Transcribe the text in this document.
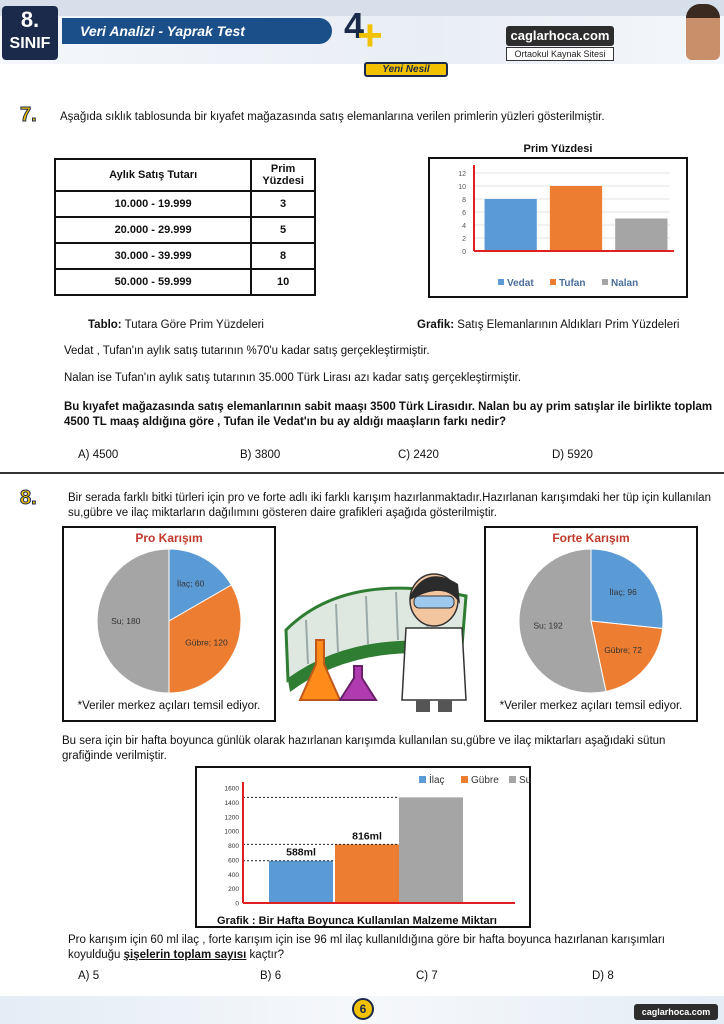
8.
SINIF
Veri Analizi - Yaprak Test	4
+
Yeni Nesil
caglarhoca.com
Ortaokul Kaynak Sitesi
7. Aşağıda sıklık tablosunda bir kıyafet mağazasında satış elemanlarına verilen primlerin yüzleri gösterilmiştir.
Aylık Satış Tutarı	Prim Yüzdesi
10.000 - 19.999	3
20.000 - 29.999	5
30.000 - 39.999	8
50.000 - 59.999	10
Prim Yüzdesi
0
2
4
6
8
10
12
Vedat	Tufan	Nalan
Tablo: Tutara Göre Prim Yüzdeleri	Grafik: Satış Elemanlarının Aldıkları Prim Yüzdeleri
Vedat , Tufan'ın aylık satış tutarının %70'u kadar satış gerçekleştirmiştir.
Nalan ise Tufan'ın aylık satış tutarının 35.000 Türk Lirası azı kadar satış gerçekleştirmiştir.
Bu kıyafet mağazasında satış elemanlarının sabit maaşı 3500 Türk Lirasıdır. Nalan bu ay prim satışlar ile birlikte toplam 4500 TL maaş aldığına göre , Tufan ile Vedat'ın bu ay aldığı maaşların farkı nedir?
A) 4500	B) 3800	C) 2420	D) 5920
8.	Bir serada farklı bitki türleri için pro ve forte adlı iki farklı karışım hazırlanmaktadır.Hazırlanan karışımdaki her tüp için kullanılan su,gübre ve ilaç miktarların dağılımını gösteren daire grafikleri aşağıda gösterilmiştir.
Pro Karışım
İlaç; 60
Gübre; 120
Su; 180
*Veriler merkez açıları temsil ediyor.
Forte Karışım
İlaç; 96
Gübre; 72
Su; 192
*Veriler merkez açıları temsil ediyor.
Bu sera için bir hafta boyunca günlük olarak hazırlanan karışımda kullanılan su,gübre ve ilaç miktarları aşağıdaki sütun grafiğinde verilmiştir.
0
200
400
600
800
1000
1200
1400
1600
588ml
816ml
İlaç	Gübre Su
Grafik : Bir Hafta Boyunca Kullanılan Malzeme Miktarı
Pro karışım için 60 ml ilaç , forte karışım için ise 96 ml ilaç kullanıldığına göre bir hafta boyunca hazırlanan karışımları koyulduğu şişelerin toplam sayısı kaçtır?
A) 5	B) 6	C) 7	D) 8
6	caglarhoca.com
